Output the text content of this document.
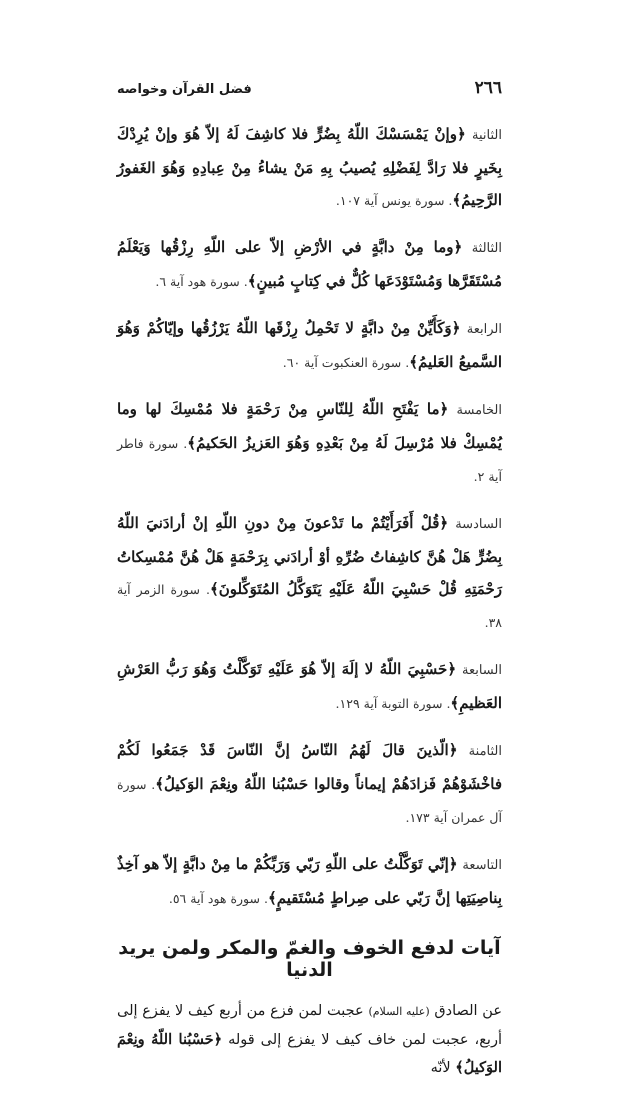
٢٦٦
فضل القرآن وخواصه

الثانية ﴿وإنْ يَمْسَسْكَ اللّهُ بِضُرٍّ فلا كاشِفَ لَهُ إلاّ هُوَ وإنْ يُرِدْكَ بِخَيرٍ فلا رَادَّ لِفَضْلِهِ يُصيبُ بِهِ مَنْ يشاءُ مِنْ عِبادِهِ وَهُوَ الغَفورُ الرَّحِيمُ﴾. سورة يونس آية ١٠٧.

الثالثة ﴿وما مِنْ دابَّةٍ في الأرْضِ إلاّ على اللّهِ رِزْقُها وَيَعْلَمُ مُسْتَقَرَّها وَمُسْتَوْدَعَها كُلٌّ في كِتابٍ مُبينٍ﴾. سورة هود آية ٦.

الرابعة ﴿وَكَأَيِّنْ مِنْ دابَّةٍ لا تَحْمِلُ رِزْقَها اللّهُ يَرْزُقُها وإيّاكُمْ وَهُوَ السَّميعُ العَليمُ﴾. سورة العنكبوت آية ٦٠.

الخامسة ﴿ما يَفْتَحِ اللّهُ لِلنّاسِ مِنْ رَحْمَةٍ فلا مُمْسِكَ لها وما يُمْسِكْ فلا مُرْسِلَ لَهُ مِنْ بَعْدِهِ وَهُوَ العَزيزُ الحَكيمُ﴾. سورة فاطر آية ٢.

السادسة ﴿قُلْ أَفَرَأَيْتُمْ ما تَدْعونَ مِنْ دونِ اللّهِ إنْ أرادَنيَ اللّهُ بِضُرٍّ هَلْ هُنَّ كاشِفاتُ ضُرِّهِ أوْ أرادَني بِرَحْمَةٍ هَلْ هُنَّ مُمْسِكاتُ رَحْمَتِهِ قُلْ حَسْبِيَ اللّهُ عَلَيْهِ يَتَوَكَّلُ المُتَوَكِّلونَ﴾. سورة الزمر آية ٣٨.

السابعة ﴿حَسْبِيَ اللّهُ لا إلَهَ إلاّ هُوَ عَلَيْهِ تَوَكَّلْتُ وَهُوَ رَبُّ العَرْشِ العَظيمِ﴾. سورة التوبة آية ١٢٩.

الثامنة ﴿الّذينَ قالَ لَهُمُ النّاسُ إنَّ النّاسَ قَدْ جَمَعُوا لَكُمْ فاخْشَوْهُمْ فَزادَهُمْ إيماناً وقالوا حَسْبُنا اللّهُ ونِعْمَ الوَكيلُ﴾. سورة آل عمران آية ١٧٣.

التاسعة ﴿إنّي تَوَكَّلْتُ على اللّهِ رَبّي وَرَبِّكُمْ ما مِنْ دابَّةٍ إلاّ هو آخِذٌ بِناصِيَتِها إنَّ رَبّي على صِراطٍ مُسْتَقيمٍ﴾. سورة هود آية ٥٦.

آيات لدفع الخوف والغمّ والمكر ولمن يريد الدنيا

عن الصادق (عليه السلام) عجبت لمن فزع من أربع كيف لا يفزع إلى أربع، عجبت لمن خاف كيف لا يفزع إلى قوله ﴿حَسْبُنا اللّهُ ونِعْمَ الوَكيلُ﴾ لأنّه
